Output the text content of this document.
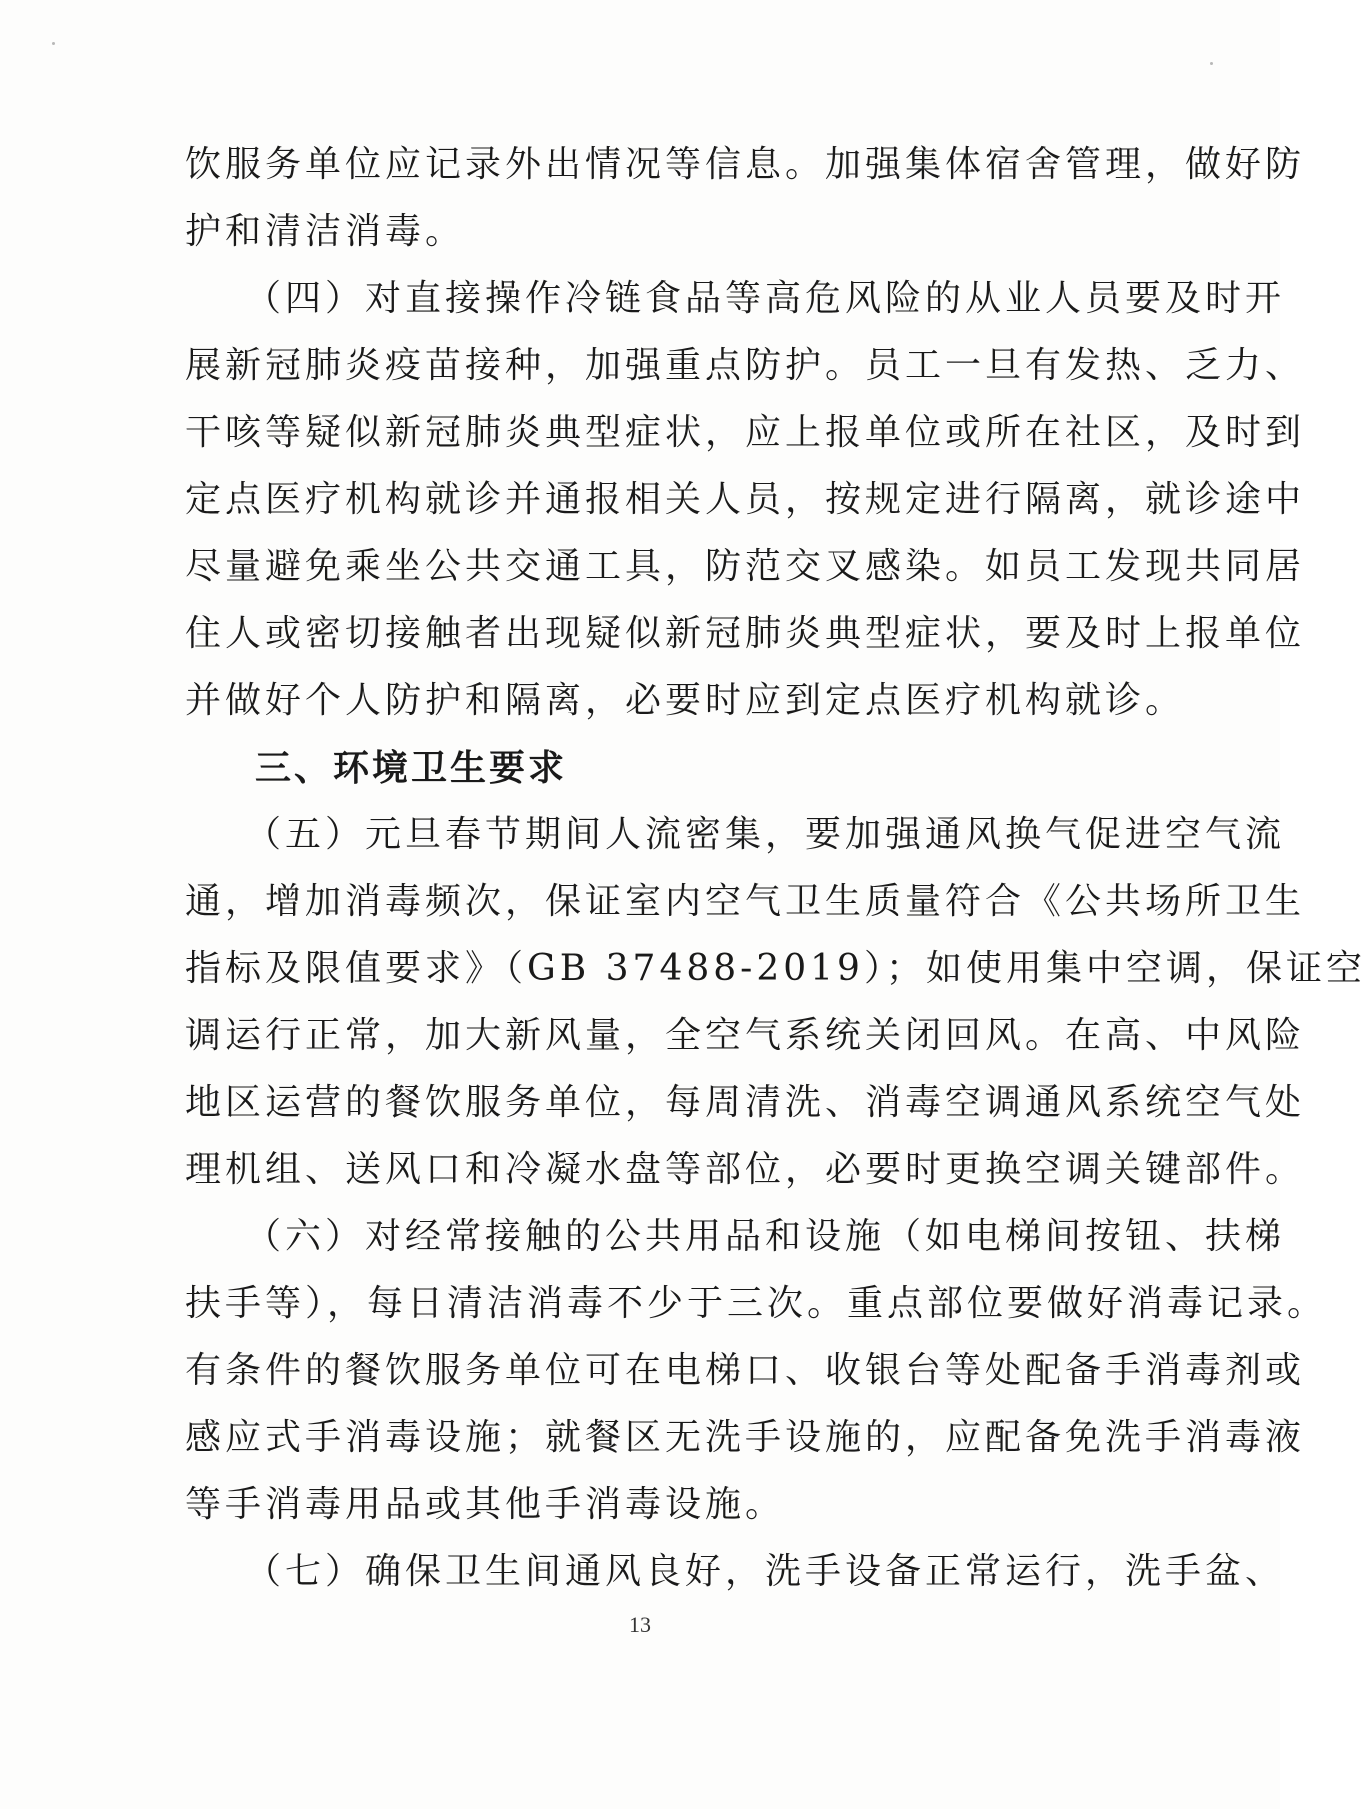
饮服务单位应记录外出情况等信息。加强集体宿舍管理，做好防
护和清洁消毒。
（四）对直接操作冷链食品等高危风险的从业人员要及时开
展新冠肺炎疫苗接种，加强重点防护。员工一旦有发热、乏力、
干咳等疑似新冠肺炎典型症状，应上报单位或所在社区，及时到
定点医疗机构就诊并通报相关人员，按规定进行隔离，就诊途中
尽量避免乘坐公共交通工具，防范交叉感染。如员工发现共同居
住人或密切接触者出现疑似新冠肺炎典型症状，要及时上报单位
并做好个人防护和隔离，必要时应到定点医疗机构就诊。
三、环境卫生要求
（五）元旦春节期间人流密集，要加强通风换气促进空气流
通，增加消毒频次，保证室内空气卫生质量符合《公共场所卫生
指标及限值要求》（GB 37488-2019）；如使用集中空调，保证空
调运行正常，加大新风量，全空气系统关闭回风。在高、中风险
地区运营的餐饮服务单位，每周清洗、消毒空调通风系统空气处
理机组、送风口和冷凝水盘等部位，必要时更换空调关键部件。
（六）对经常接触的公共用品和设施（如电梯间按钮、扶梯
扶手等），每日清洁消毒不少于三次。重点部位要做好消毒记录。
有条件的餐饮服务单位可在电梯口、收银台等处配备手消毒剂或
感应式手消毒设施；就餐区无洗手设施的，应配备免洗手消毒液
等手消毒用品或其他手消毒设施。
（七）确保卫生间通风良好，洗手设备正常运行，洗手盆、
13
